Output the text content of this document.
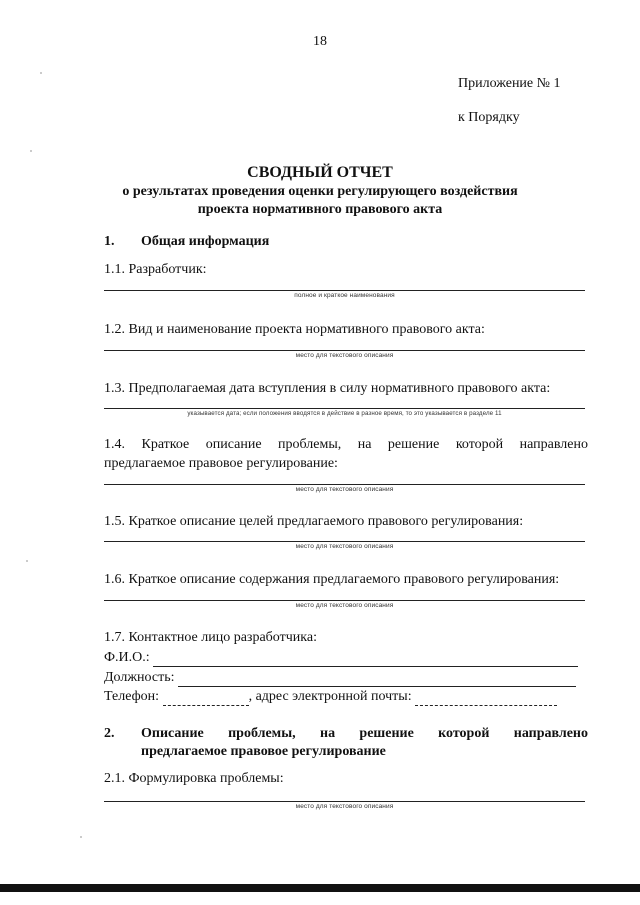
18
Приложение № 1
к Порядку
СВОДНЫЙ ОТЧЕТ
о результатах проведения оценки регулирующего воздействия
проекта нормативного правового акта
1. Общая информация
1.1. Разработчик:
полное и краткое наименования
1.2. Вид и наименование проекта нормативного правового акта:
место для текстового описания
1.3. Предполагаемая дата вступления в силу нормативного правового акта:
указывается дата; если положения вводятся в действие в разное время, то это указывается в разделе 11
1.4. Краткое описание проблемы, на решение которой направлено
предлагаемое правовое регулирование:
место для текстового описания
1.5. Краткое описание целей предлагаемого правового регулирования:
место для текстового описания
1.6. Краткое описание содержания предлагаемого правового регулирования:
место для текстового описания
1.7. Контактное лицо разработчика:
Ф.И.О.:
Должность:
Телефон:	, адрес электронной почты:
2. Описание проблемы, на решение которой направлено
предлагаемое правовое регулирование
2.1. Формулировка проблемы:
место для текстового описания
